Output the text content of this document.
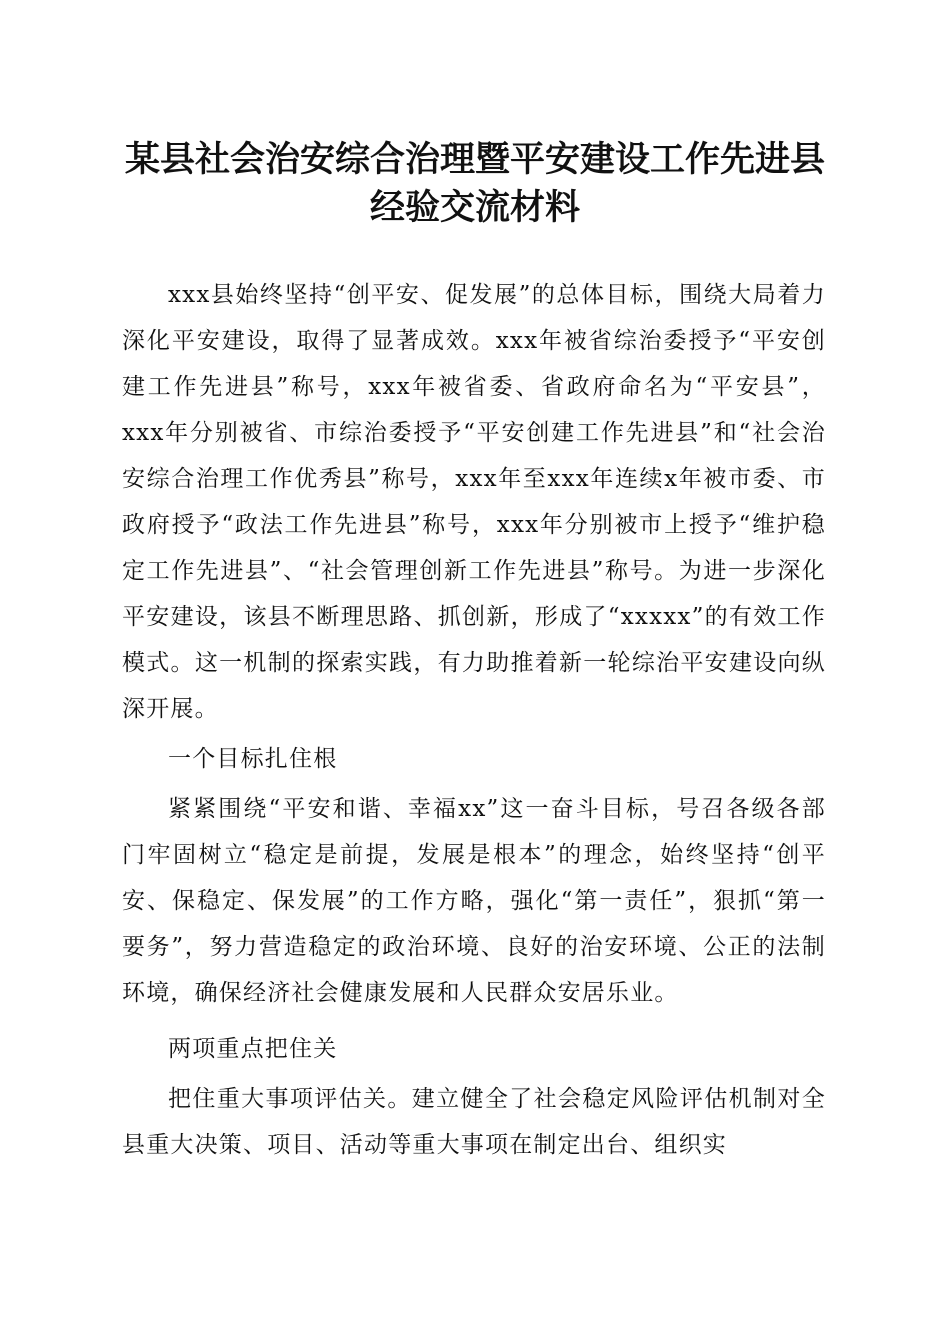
某县社会治安综合治理暨平安建设工作先进县
经验交流材料

xxx县始终坚持“创平安、促发展”的总体目标，围绕大局着力深化平安建设，取得了显著成效。xxx年被省综治委授予“平安创建工作先进县”称号，xxx年被省委、省政府命名为“平安县”，xxx年分别被省、市综治委授予“平安创建工作先进县”和“社会治安综合治理工作优秀县”称号，xxx年至xxx年连续x年被市委、市政府授予“政法工作先进县”称号，xxx年分别被市上授予“维护稳定工作先进县”、“社会管理创新工作先进县”称号。为进一步深化平安建设，该县不断理思路、抓创新，形成了“xxxxx”的有效工作模式。这一机制的探索实践，有力助推着新一轮综治平安建设向纵深开展。

一个目标扎住根

紧紧围绕“平安和谐、幸福xx”这一奋斗目标，号召各级各部门牢固树立“稳定是前提，发展是根本”的理念，始终坚持“创平安、保稳定、保发展”的工作方略，强化“第一责任”，狠抓“第一要务”，努力营造稳定的政治环境、良好的治安环境、公正的法制环境，确保经济社会健康发展和人民群众安居乐业。

两项重点把住关

把住重大事项评估关。建立健全了社会稳定风险评估机制对全县重大决策、项目、活动等重大事项在制定出台、组织实
